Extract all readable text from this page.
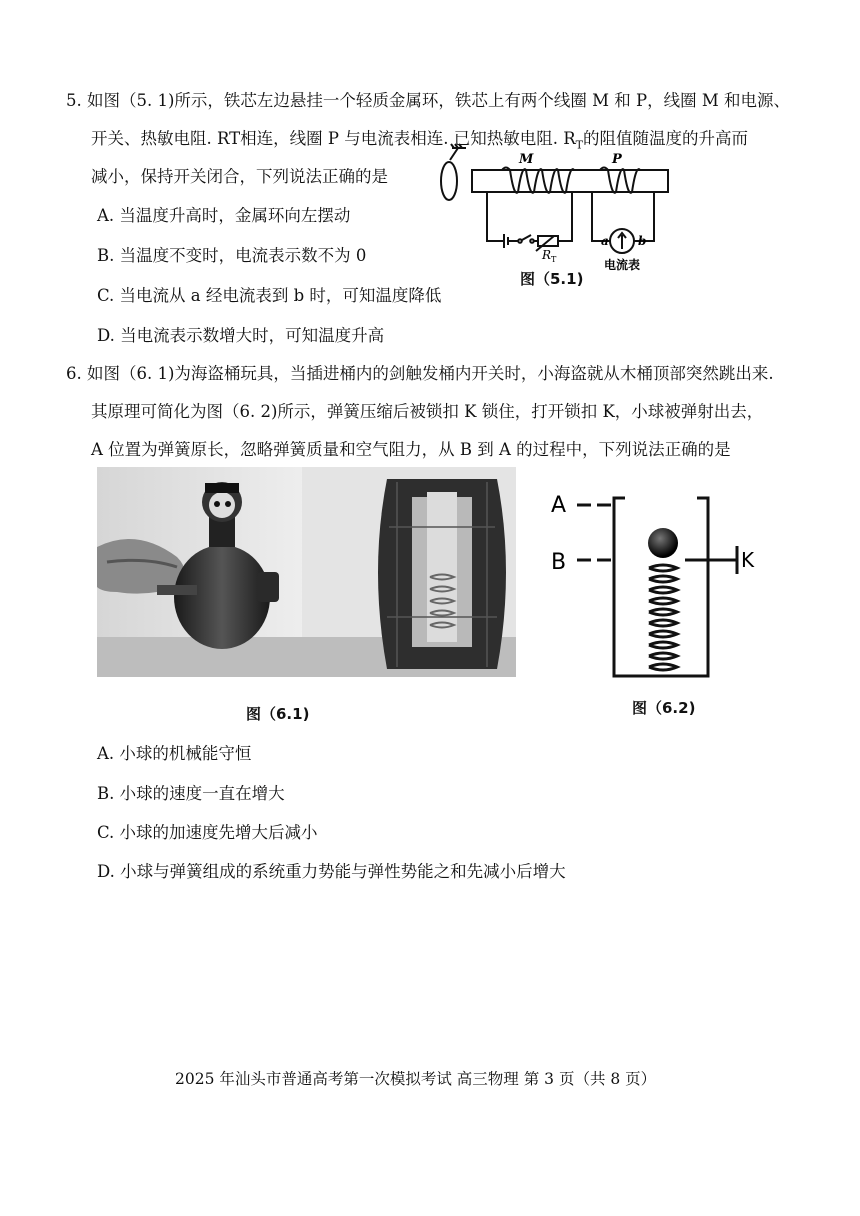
5. 如图（5. 1)所示，铁芯左边悬挂一个轻质金属环，铁芯上有两个线圈 M 和 P，线圈 M 和电源、
开关、热敏电阻. RT相连，线圈 P 与电流表相连. 已知热敏电阻. $R_T$的阻值随温度的升高而
减小，保持开关闭合，下列说法正确的是
A. 当温度升高时，金属环向左摆动
B. 当温度不变时，电流表示数不为 0
C. 当电流从 a 经电流表到 b 时，可知温度降低
D. 当电流表示数增大时，可知温度升高
M	P
R T
a b
电流表
图（5.1)
6. 如图（6. 1)为海盗桶玩具，当插进桶内的剑触发桶内开关时，小海盗就从木桶顶部突然跳出来.
其原理可简化为图（6. 2)所示，弹簧压缩后被锁扣 K 锁住，打开锁扣 K，小球被弹射出去，
A 位置为弹簧原长，忽略弹簧质量和空气阻力，从 B 到 A 的过程中，下列说法正确的是
图（6.1)
A
B	K
图（6.2)
A. 小球的机械能守恒
B. 小球的速度一直在增大
C. 小球的加速度先增大后减小
D. 小球与弹簧组成的系统重力势能与弹性势能之和先减小后增大
2025 年汕头市普通高考第一次模拟考试 高三物理 第 3 页（共 8 页）
